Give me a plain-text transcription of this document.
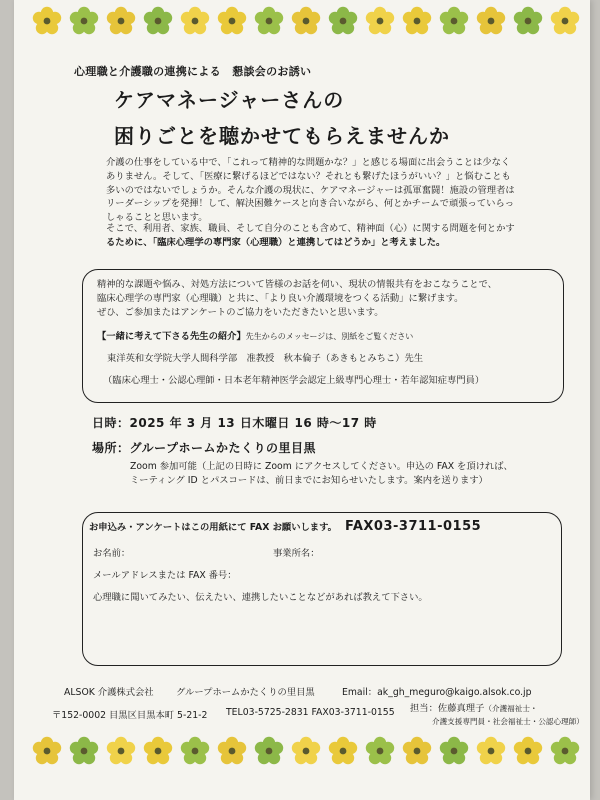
心理職と介護職の連携による　懇談会のお誘い
ケアマネージャーさんの
困りごとを聴かせてもらえませんか
介護の仕事をしている中で、「これって精神的な問題かな？」と感じる場面に出会うことは少なく
ありません。そして、「医療に繋げるほどではない？それとも繋げたほうがいい？」と悩むことも
多いのではないでしょうか。そんな介護の現状に、ケアマネージャーは孤軍奮闘！施設の管理者は
リーダーシップを発揮！して、解決困難ケースと向き合いながら、何とかチームで頑張っていらっ
しゃることと思います。
そこで、利用者、家族、職員、そして自分のことも含めて、精神面（心）に関する問題を何とかす
るために、「臨床心理学の専門家（心理職）と連携してはどうか」と考えました。
精神的な課題や悩み、対処方法について皆様のお話を伺い、現状の情報共有をおこなうことで、
臨床心理学の専門家（心理職）と共に、「より良い介護環境をつくる活動」に繋げます。
ぜひ、ご参加またはアンケートのご協力をいただきたいと思います。
【一緒に考えて下さる先生の紹介】先生からのメッセージは、別紙をご覧ください
東洋英和女学院大学人間科学部　准教授　秋本倫子（あきもとみちこ）先生
（臨床心理士・公認心理師・日本老年精神医学会認定上級専門心理士・若年認知症専門員）
日時：2025 年 3 月 13 日木曜日 16 時～17 時
場所：グループホームかたくりの里目黒
Zoom 参加可能（上記の日時に Zoom にアクセスしてください。申込の FAX を頂ければ、
ミーティング ID とパスコードは、前日までにお知らせいたします。案内を送ります）
お申込み・アンケートはこの用紙にて FAX お願いします。 FAX03-3711-0155
お名前：	事業所名：
メールアドレスまたは FAX 番号：
心理職に聞いてみたい、伝えたい、連携したいことなどがあれば教えて下さい。
ALSOK 介護株式会社 グループホームかたくりの里目黒	Email：ak_gh_meguro@kaigo.alsok.co.jp
〒152-0002 目黒区目黒本町 5-21-2 TEL03-5725-2831 FAX03-3711-0155 担当：佐藤真理子（介護福祉士・
介護支援専門員・社会福祉士・公認心理師）
